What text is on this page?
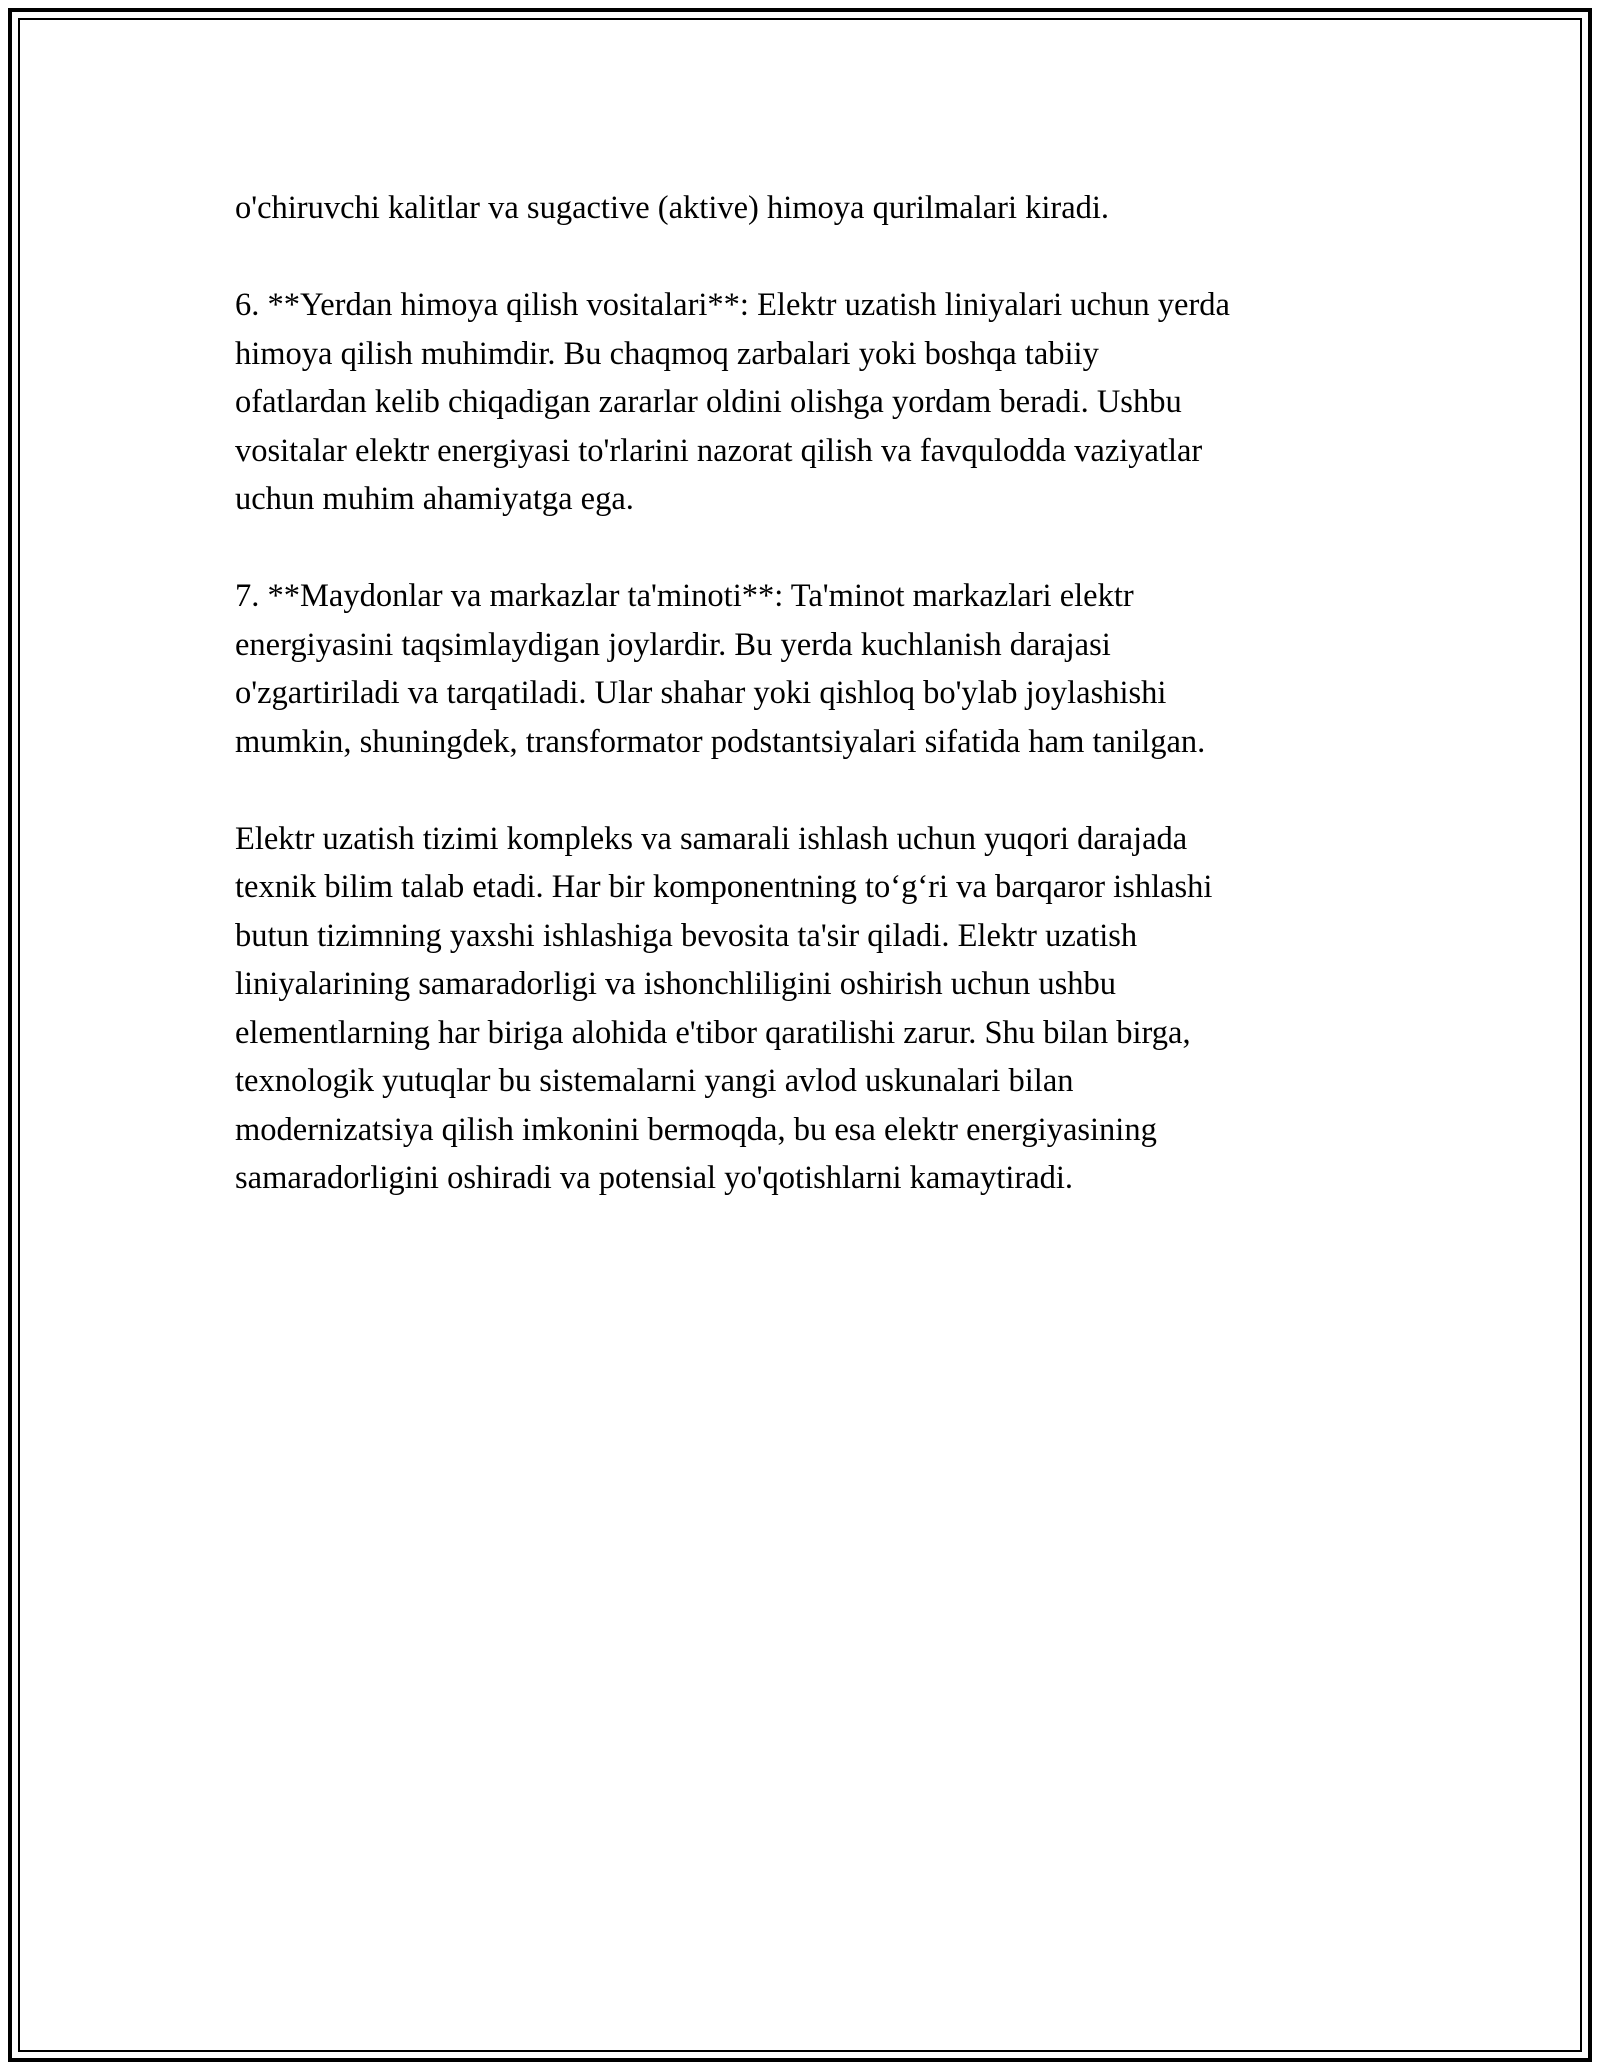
o'chiruvchi kalitlar va sugactive (aktive) himoya qurilmalari kiradi.

6. **Yerdan himoya qilish vositalari**: Elektr uzatish liniyalari uchun yerda
himoya qilish muhimdir. Bu chaqmoq zarbalari yoki boshqa tabiiy
ofatlardan kelib chiqadigan zararlar oldini olishga yordam beradi. Ushbu
vositalar elektr energiyasi to'rlarini nazorat qilish va favqulodda vaziyatlar
uchun muhim ahamiyatga ega.

7. **Maydonlar va markazlar ta'minoti**: Ta'minot markazlari elektr
energiyasini taqsimlaydigan joylardir. Bu yerda kuchlanish darajasi
o'zgartiriladi va tarqatiladi. Ular shahar yoki qishloq bo'ylab joylashishi
mumkin, shuningdek, transformator podstantsiyalari sifatida ham tanilgan.

Elektr uzatish tizimi kompleks va samarali ishlash uchun yuqori darajada
texnik bilim talab etadi. Har bir komponentning to‘g‘ri va barqaror ishlashi
butun tizimning yaxshi ishlashiga bevosita ta'sir qiladi. Elektr uzatish
liniyalarining samaradorligi va ishonchliligini oshirish uchun ushbu
elementlarning har biriga alohida e'tibor qaratilishi zarur. Shu bilan birga,
texnologik yutuqlar bu sistemalarni yangi avlod uskunalari bilan
modernizatsiya qilish imkonini bermoqda, bu esa elektr energiyasining
samaradorligini oshiradi va potensial yo'qotishlarni kamaytiradi.
